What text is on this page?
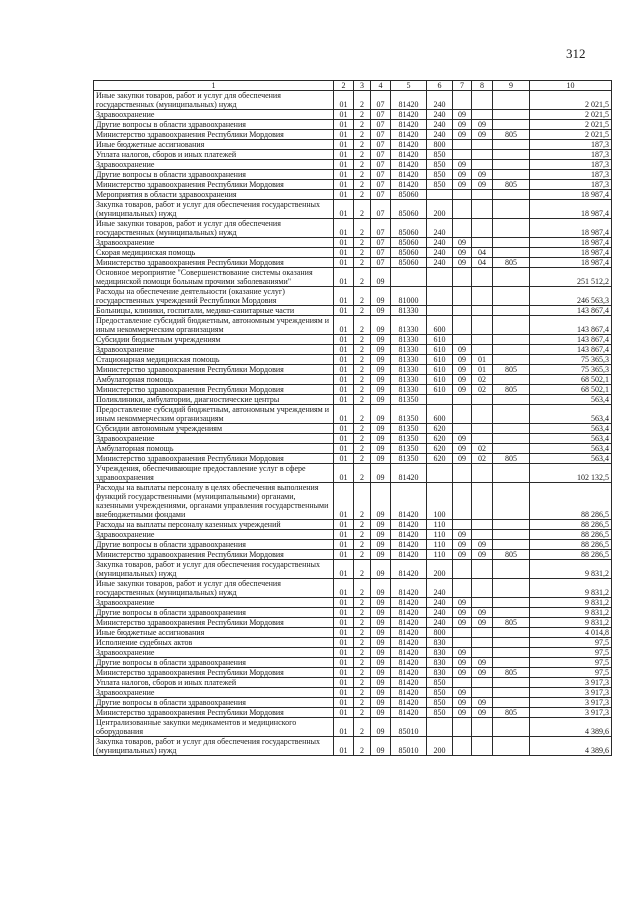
312
1	2	3	4	5	6	7	8	9	10
Иные закупки товаров, работ и услуг для обеспечения государственных (муниципальных) нужд	01	2	07	81420	240				2 021,5
Здравоохранение	01	2	07	81420	240	09			2 021,5
Другие вопросы в области здравоохранения	01	2	07	81420	240	09	09		2 021,5
Министерство здравоохранения Республики Мордовия	01	2	07	81420	240	09	09	805	2 021,5
Иные бюджетные ассигнования	01	2	07	81420	800				187,3
Уплата налогов, сборов и иных платежей	01	2	07	81420	850				187,3
Здравоохранение	01	2	07	81420	850	09			187,3
Другие вопросы в области здравоохранения	01	2	07	81420	850	09	09		187,3
Министерство здравоохранения Республики Мордовия	01	2	07	81420	850	09	09	805	187,3
Мероприятия в области здравоохранения	01	2	07	85060					18 987,4
Закупка товаров, работ и услуг для обеспечения государственных (муниципальных) нужд	01	2	07	85060	200				18 987,4
Иные закупки товаров, работ и услуг для обеспечения государственных (муниципальных) нужд	01	2	07	85060	240				18 987,4
Здравоохранение	01	2	07	85060	240	09			18 987,4
Скорая медицинская помощь	01	2	07	85060	240	09	04		18 987,4
Министерство здравоохранения Республики Мордовия	01	2	07	85060	240	09	04	805	18 987,4
Основное мероприятие "Совершенствование системы оказания медицинской помощи больным прочими заболеваниями"	01	2	09						251 512,2
Расходы на обеспечение деятельности (оказание услуг) государственных учреждений Республики Мордовия	01	2	09	81000					246 563,3
Больницы, клиники, госпитали, медико-санитарные части	01	2	09	81330					143 867,4
Предоставление субсидий бюджетным, автономным учреждениям и иным некоммерческим организациям	01	2	09	81330	600				143 867,4
Субсидии бюджетным учреждениям	01	2	09	81330	610				143 867,4
Здравоохранение	01	2	09	81330	610	09			143 867,4
Стационарная медицинская помощь	01	2	09	81330	610	09	01		75 365,3
Министерство здравоохранения Республики Мордовия	01	2	09	81330	610	09	01	805	75 365,3
Амбулаторная помощь	01	2	09	81330	610	09	02		68 502,1
Министерство здравоохранения Республики Мордовия	01	2	09	81330	610	09	02	805	68 502,1
Поликлиники, амбулатории, диагностические центры	01	2	09	81350					563,4
Предоставление субсидий бюджетным, автономным учреждениям и иным некоммерческим организациям	01	2	09	81350	600				563,4
Субсидии автономным учреждениям	01	2	09	81350	620				563,4
Здравоохранение	01	2	09	81350	620	09			563,4
Амбулаторная помощь	01	2	09	81350	620	09	02		563,4
Министерство здравоохранения Республики Мордовия	01	2	09	81350	620	09	02	805	563,4
Учреждения, обеспечивающие предоставление услуг в сфере здравоохранения	01	2	09	81420					102 132,5
Расходы на выплаты персоналу в целях обеспечения выполнения функций государственными (муниципальными) органами, казенными учреждениями, органами управления государственными внебюджетными фондами	01	2	09	81420	100				88 286,5
Расходы на выплаты персоналу казенных учреждений	01	2	09	81420	110				88 286,5
Здравоохранение	01	2	09	81420	110	09			88 286,5
Другие вопросы в области здравоохранения	01	2	09	81420	110	09	09		88 286,5
Министерство здравоохранения Республики Мордовия	01	2	09	81420	110	09	09	805	88 286,5
Закупка товаров, работ и услуг для обеспечения государственных (муниципальных) нужд	01	2	09	81420	200				9 831,2
Иные закупки товаров, работ и услуг для обеспечения государственных (муниципальных) нужд	01	2	09	81420	240				9 831,2
Здравоохранение	01	2	09	81420	240	09			9 831,2
Другие вопросы в области здравоохранения	01	2	09	81420	240	09	09		9 831,2
Министерство здравоохранения Республики Мордовия	01	2	09	81420	240	09	09	805	9 831,2
Иные бюджетные ассигнования	01	2	09	81420	800				4 014,8
Исполнение судебных актов	01	2	09	81420	830				97,5
Здравоохранение	01	2	09	81420	830	09			97,5
Другие вопросы в области здравоохранения	01	2	09	81420	830	09	09		97,5
Министерство здравоохранения Республики Мордовия	01	2	09	81420	830	09	09	805	97,5
Уплата налогов, сборов и иных платежей	01	2	09	81420	850				3 917,3
Здравоохранение	01	2	09	81420	850	09			3 917,3
Другие вопросы в области здравоохранения	01	2	09	81420	850	09	09		3 917,3
Министерство здравоохранения Республики Мордовия	01	2	09	81420	850	09	09	805	3 917,3
Централизованные закупки медикаментов и медицинского оборудования	01	2	09	85010					4 389,6
Закупка товаров, работ и услуг для обеспечения государственных (муниципальных) нужд	01	2	09	85010	200				4 389,6
